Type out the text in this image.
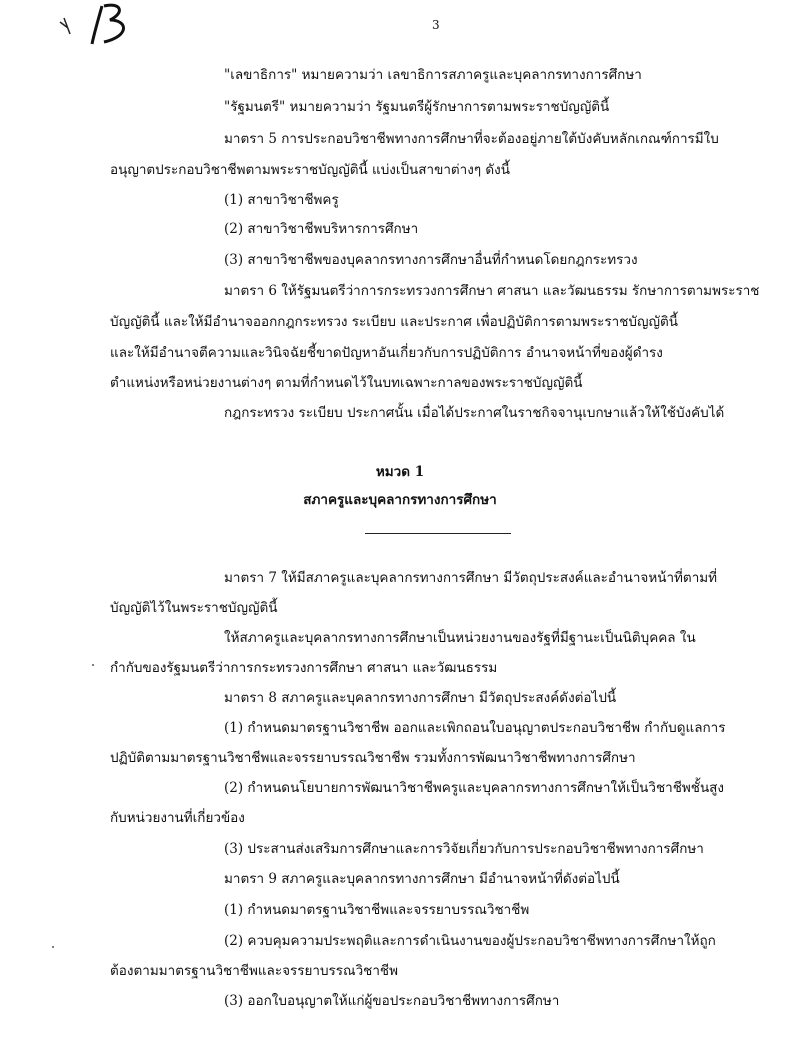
3
"เลขาธิการ" หมายความว่า เลขาธิการสภาครูและบุคลากรทางการศึกษา
"รัฐมนตรี" หมายความว่า รัฐมนตรีผู้รักษาการตามพระราชบัญญัตินี้
มาตรา 5 การประกอบวิชาชีพทางการศึกษาที่จะต้องอยู่ภายใต้บังคับหลักเกณฑ์การมีใบ
อนุญาตประกอบวิชาชีพตามพระราชบัญญัตินี้ แบ่งเป็นสาขาต่างๆ ดังนี้
(1) สาขาวิชาชีพครู
(2) สาขาวิชาชีพบริหารการศึกษา
(3) สาขาวิชาชีพของบุคลากรทางการศึกษาอื่นที่กำหนดโดยกฎกระทรวง
มาตรา 6 ให้รัฐมนตรีว่าการกระทรวงการศึกษา ศาสนา และวัฒนธรรม รักษาการตามพระราช
บัญญัตินี้ และให้มีอำนาจออกกฎกระทรวง ระเบียบ และประกาศ เพื่อปฏิบัติการตามพระราชบัญญัตินี้
และให้มีอำนาจตีความและวินิจฉัยชี้ขาดปัญหาอันเกี่ยวกับการปฏิบัติการ อำนาจหน้าที่ของผู้ดำรง
ตำแหน่งหรือหน่วยงานต่างๆ ตามที่กำหนดไว้ในบทเฉพาะกาลของพระราชบัญญัตินี้
กฎกระทรวง ระเบียบ ประกาศนั้น เมื่อได้ประกาศในราชกิจจานุเบกษาแล้วให้ใช้บังคับได้
หมวด 1
สภาครูและบุคลากรทางการศึกษา
มาตรา 7 ให้มีสภาครูและบุคลากรทางการศึกษา มีวัตถุประสงค์และอำนาจหน้าที่ตามที่
บัญญัติไว้ในพระราชบัญญัตินี้
ให้สภาครูและบุคลากรทางการศึกษาเป็นหน่วยงานของรัฐที่มีฐานะเป็นนิติบุคคล ใน
กำกับของรัฐมนตรีว่าการกระทรวงการศึกษา ศาสนา และวัฒนธรรม
มาตรา 8 สภาครูและบุคลากรทางการศึกษา มีวัตถุประสงค์ดังต่อไปนี้
(1) กำหนดมาตรฐานวิชาชีพ ออกและเพิกถอนใบอนุญาตประกอบวิชาชีพ กำกับดูแลการ
ปฏิบัติตามมาตรฐานวิชาชีพและจรรยาบรรณวิชาชีพ รวมทั้งการพัฒนาวิชาชีพทางการศึกษา
(2) กำหนดนโยบายการพัฒนาวิชาชีพครูและบุคลากรทางการศึกษาให้เป็นวิชาชีพชั้นสูง
กับหน่วยงานที่เกี่ยวข้อง
(3) ประสานส่งเสริมการศึกษาและการวิจัยเกี่ยวกับการประกอบวิชาชีพทางการศึกษา
มาตรา 9 สภาครูและบุคลากรทางการศึกษา มีอำนาจหน้าที่ดังต่อไปนี้
(1) กำหนดมาตรฐานวิชาชีพและจรรยาบรรณวิชาชีพ
(2) ควบคุมความประพฤติและการดำเนินงานของผู้ประกอบวิชาชีพทางการศึกษาให้ถูก
ต้องตามมาตรฐานวิชาชีพและจรรยาบรรณวิชาชีพ
(3) ออกใบอนุญาตให้แก่ผู้ขอประกอบวิชาชีพทางการศึกษา
